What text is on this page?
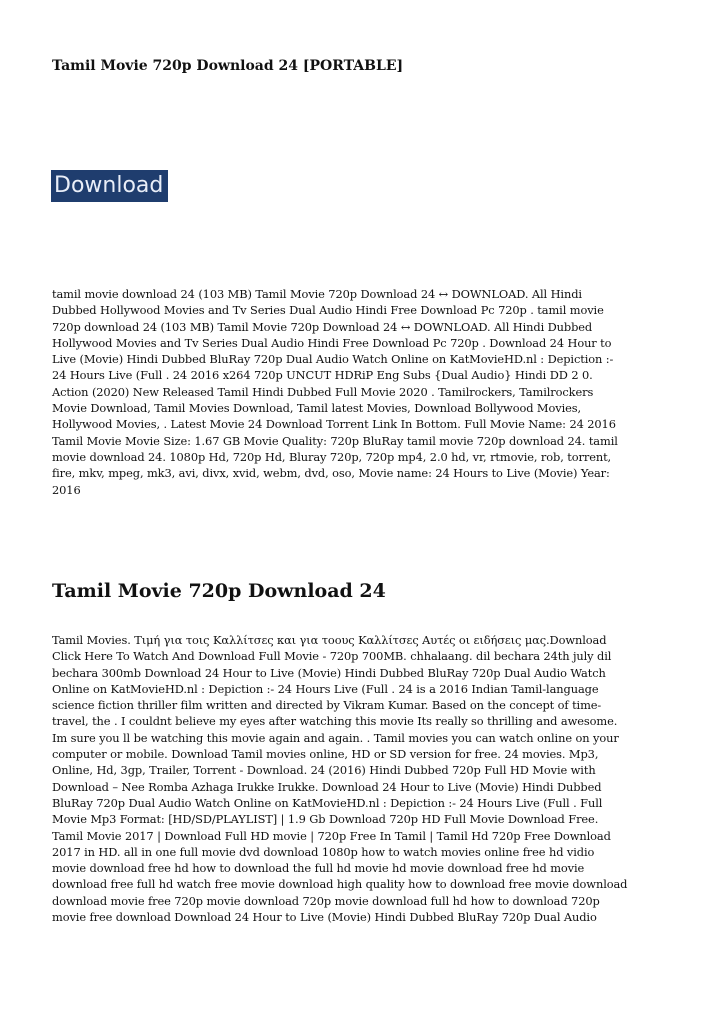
Tamil Movie 720p Download 24 [PORTABLE]
Download
tamil movie download 24 (103 MB) Tamil Movie 720p Download 24 ↔ DOWNLOAD. All Hindi
Dubbed Hollywood Movies and Tv Series Dual Audio Hindi Free Download Pc 720p . tamil movie
720p download 24 (103 MB) Tamil Movie 720p Download 24 ↔ DOWNLOAD. All Hindi Dubbed
Hollywood Movies and Tv Series Dual Audio Hindi Free Download Pc 720p . Download 24 Hour to
Live (Movie) Hindi Dubbed BluRay 720p Dual Audio Watch Online on KatMovieHD.nl : Depiction :-
24 Hours Live (Full . 24 2016 x264 720p UNCUT HDRiP Eng Subs {Dual Audio} Hindi DD 2 0.
Action (2020) New Released Tamil Hindi Dubbed Full Movie 2020 . Tamilrockers, Tamilrockers
Movie Download, Tamil Movies Download, Tamil latest Movies, Download Bollywood Movies,
Hollywood Movies, . Latest Movie 24 Download Torrent Link In Bottom. Full Movie Name: 24 2016
Tamil Movie Movie Size: 1.67 GB Movie Quality: 720p BluRay tamil movie 720p download 24. tamil
movie download 24. 1080p Hd, 720p Hd, Bluray 720p, 720p mp4, 2.0 hd, vr, rtmovie, rob, torrent,
fire, mkv, mpeg, mk3, avi, divx, xvid, webm, dvd, oso, Movie name: 24 Hours to Live (Movie) Year:
2016
Tamil Movie 720p Download 24
Tamil Movies. Τιμή για τοις Καλλίτσες και για τοους Καλλίτσες Αυτές οι ειδήσεις μας.Download
Click Here To Watch And Download Full Movie - 720p 700MB. chhalaang. dil bechara 24th july dil
bechara 300mb Download 24 Hour to Live (Movie) Hindi Dubbed BluRay 720p Dual Audio Watch
Online on KatMovieHD.nl : Depiction :- 24 Hours Live (Full . 24 is a 2016 Indian Tamil-language
science fiction thriller film written and directed by Vikram Kumar. Based on the concept of time-
travel, the . I couldnt believe my eyes after watching this movie Its really so thrilling and awesome.
Im sure you ll be watching this movie again and again. . Tamil movies you can watch online on your
computer or mobile. Download Tamil movies online, HD or SD version for free. 24 movies. Mp3,
Online, Hd, 3gp, Trailer, Torrent - Download. 24 (2016) Hindi Dubbed 720p Full HD Movie with
Download – Nee Romba Azhaga Irukke Irukke. Download 24 Hour to Live (Movie) Hindi Dubbed
BluRay 720p Dual Audio Watch Online on KatMovieHD.nl : Depiction :- 24 Hours Live (Full . Full
Movie Mp3 Format: [HD/SD/PLAYLIST] | 1.9 Gb Download 720p HD Full Movie Download Free.
Tamil Movie 2017 | Download Full HD movie | 720p Free In Tamil | Tamil Hd 720p Free Download
2017 in HD. all in one full movie dvd download 1080p how to watch movies online free hd vidio
movie download free hd how to download the full hd movie hd movie download free hd movie
download free full hd watch free movie download high quality how to download free movie download
download movie free 720p movie download 720p movie download full hd how to download 720p
movie free download Download 24 Hour to Live (Movie) Hindi Dubbed BluRay 720p Dual Audio
